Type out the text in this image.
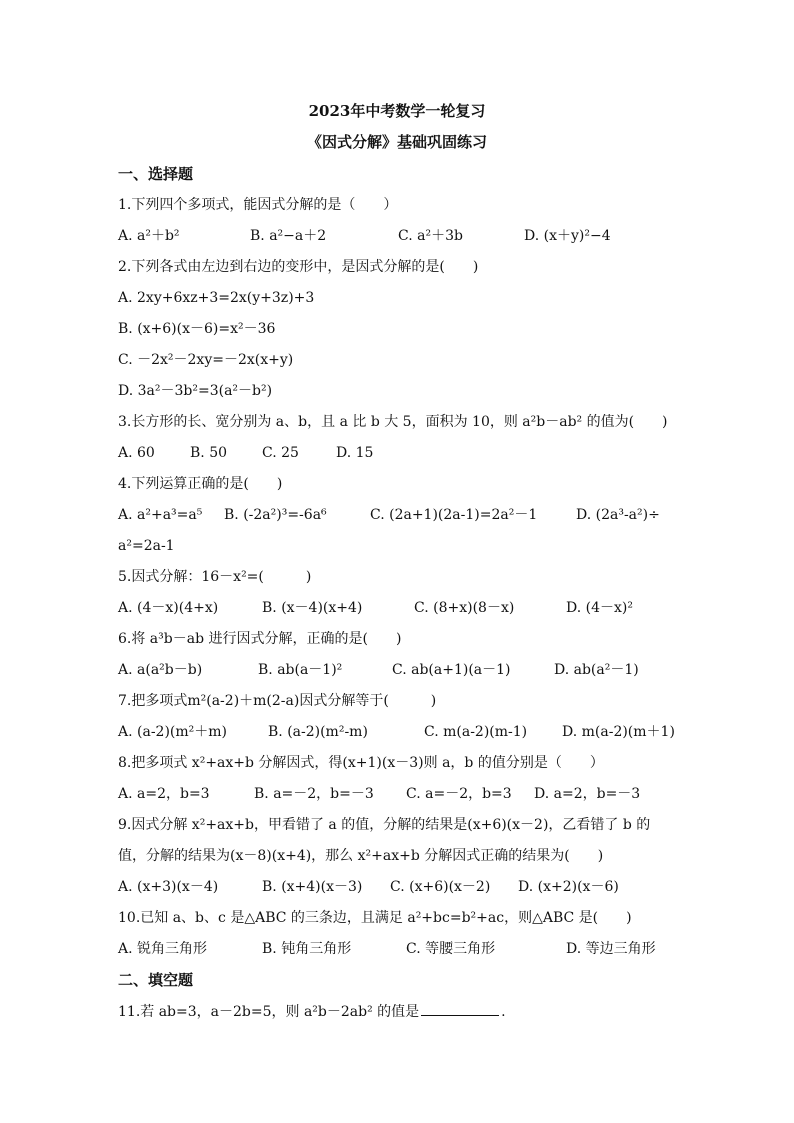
2023年中考数学一轮复习
《因式分解》基础巩固练习
一、选择题
1.下列四个多项式，能因式分解的是（　　）
A. a²＋b²	B. a²−a＋2	C. a²＋3b	D. (x＋y)²−4
2.下列各式由左边到右边的变形中，是因式分解的是(　　)
A. 2xy+6xz+3=2x(y+3z)+3
B. (x+6)(x－6)=x²－36
C. －2x²－2xy=－2x(x+y)
D. 3a²－3b²=3(a²－b²)
3.长方形的长、宽分别为 a、b，且 a 比 b 大 5，面积为 10，则 a²b－ab² 的值为(　　)
A. 60	B. 50 C. 25	D. 15
4.下列运算正确的是(　　)
A. a²+a³=a⁵ B. (-2a²)³=-6a⁶	C. (2a+1)(2a-1)=2a²－1	D. (2a³-a²)÷
a²=2a-1
5.因式分解：16－x²=(　　　)
A. (4－x)(4+x)	B. (x－4)(x+4)	C. (8+x)(8－x)	D. (4－x)²
6.将 a³b－ab 进行因式分解，正确的是(　　)
A. a(a²b－b)	B. ab(a－1)²	C. ab(a+1)(a－1)	D. ab(a²－1)
7.把多项式m²(a-2)＋m(2-a)因式分解等于(　　　)
A. (a-2)(m²＋m)	B. (a-2)(m²-m)	C. m(a-2)(m-1) D. m(a-2)(m＋1)
8.把多项式 x²+ax+b 分解因式，得(x+1)(x－3)则 a，b 的值分别是（　　）
A. a=2，b=3	B. a=－2，b=－3 C. a=－2，b=3 D. a=2，b=－3
9.因式分解 x²+ax+b，甲看错了 a 的值，分解的结果是(x+6)(x－2)，乙看错了 b 的
值，分解的结果为(x－8)(x+4)，那么 x²+ax+b 分解因式正确的结果为(　　)
A. (x+3)(x－4)	B. (x+4)(x－3) C. (x+6)(x－2) D. (x+2)(x－6)
10.已知 a、b、c 是△ABC 的三条边，且满足 a²+bc=b²+ac，则△ABC 是(　　)
A. 锐角三角形	B. 钝角三角形	C. 等腰三角形	D. 等边三角形
二、填空题
11.若 ab=3，a－2b=5，则 a²b－2ab² 的值是	.
